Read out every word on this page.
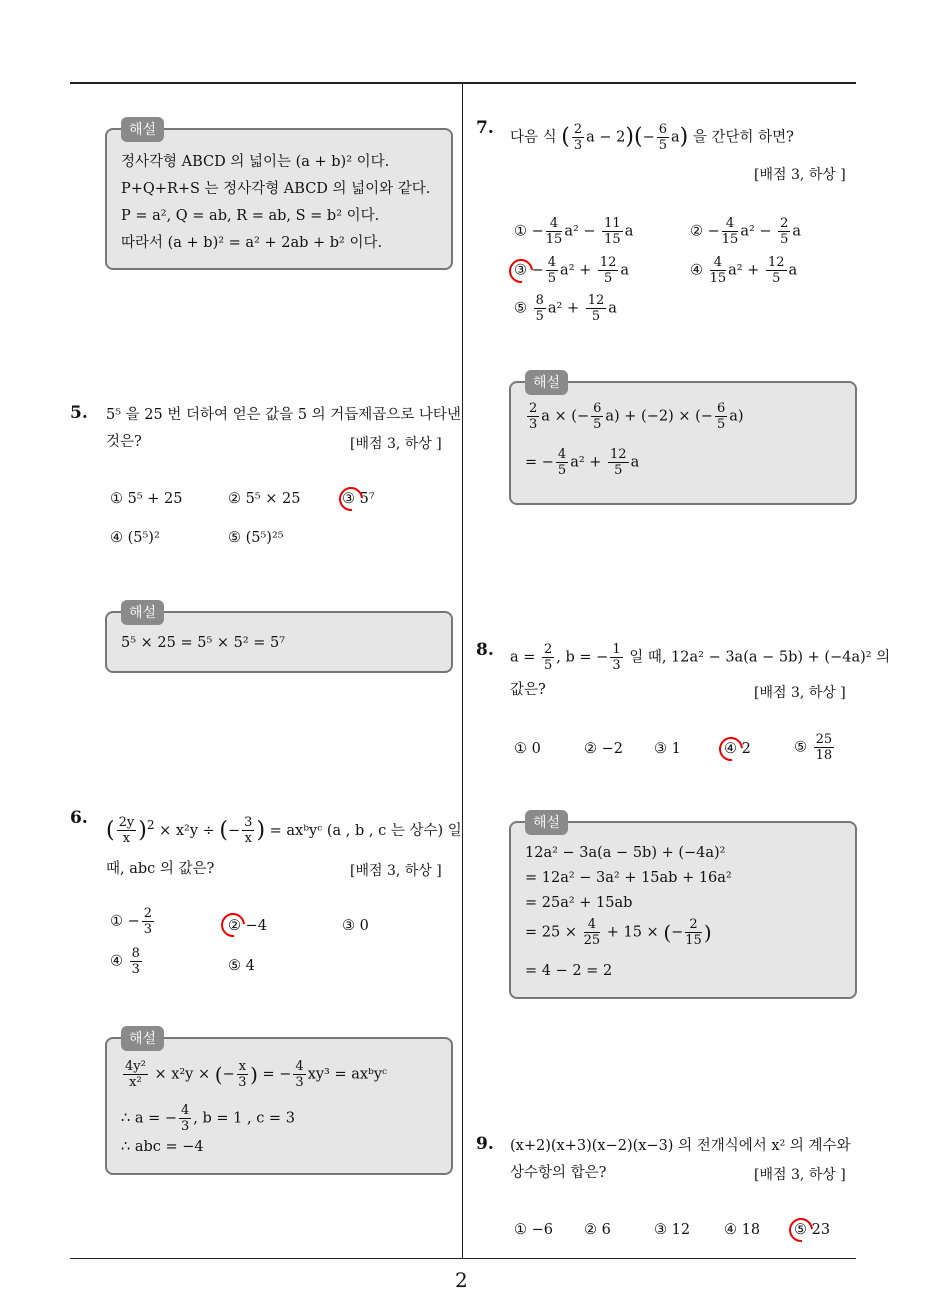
2
해설
정사각형 ABCD 의 넓이는 (a + b)² 이다.
P+Q+R+S 는 정사각형 ABCD 의 넓이와 같다.
P = a², Q = ab, R = ab, S = b² 이다.
따라서 (a + b)² = a² + 2ab + b² 이다.
5. 5⁵ 을 25 번 더하여 얻은 값을 5 의 거듭제곱으로 나타낸
것은?	[배점 3, 하상 ]
① 5⁵ + 25	② 5⁵ × 25	③ 5⁷
④ (5⁵)²	⑤ (5⁵)²⁵
해설
5⁵ × 25 = 5⁵ × 5² = 5⁷
6. ( $\frac{2y}{x} )^2 \times x^2y$ ÷ (− $\frac{3}{x}$ ) = axᵇyᶜ (a , b , c 는 상수) 일
때, abc 의 값은?	[배점 3, 하상 ]
① − $\frac{2}{3}$	② −4	③ 0
④ $\frac{8}{3}$	⑤ 4
해설
$\frac{\text{4y²}}{\text{x²}} \times x^2y$ × (− $\frac{x}{3}$ ) = − $\frac{4}{3} xy^3$ = axᵇyᶜ
∴ a = − $\frac{4}{3}$ , b = 1 , c = 3
∴ abc = −4
7. 다음 식 ( $\frac{2}{3}$ $a - 2)(- \frac{6}{5} a)$ 을 간단히 하면?
[배점 3, 하상 ]
① − $\frac{4}{15} a^2 - \frac{11}{15}$ a	② − $\frac{4}{15} a^2 - \frac{2}{5}$ a
③ − $\frac{4}{5} a^2 + \frac{12}{5}$ a	④ $\frac{4}{15} a^2 + \frac{12}{5}$ a
⑤ $\frac{8}{5} a^2 + \frac{12}{5}$ a
해설
$\frac{2}{3}$ a × (− $\frac{6}{5} a) + (-2)$ × (− $\frac{6}{5} a$)
= − $\frac{4}{5} a^2 + \frac{12}{5}$ a
8. $a = \frac{2}{5}$ , b = − $\frac{1}{3}$ 일 때, 12a² − 3a(a − 5b) + (−4a)² 의
값은?	[배점 3, 하상 ]
① 0	② −2 ③ 1	④ 2	⑤ $\frac{25}{18}$
해설
12a² − 3a(a − 5b) + (−4a)²
= 12a² − 3a² + 15ab + 16a²
= 25a² + 15ab
= $25 \times \frac{4}{25} + 15$ × (− $\frac{2}{15}$ )
= 4 − 2 = 2
9. (x+2)(x+3)(x−2)(x−3) 의 전개식에서 x² 의 계수와
상수항의 합은?	[배점 3, 하상 ]
① −6 ② 6	③ 12 ④ 18 ⑤ 23
